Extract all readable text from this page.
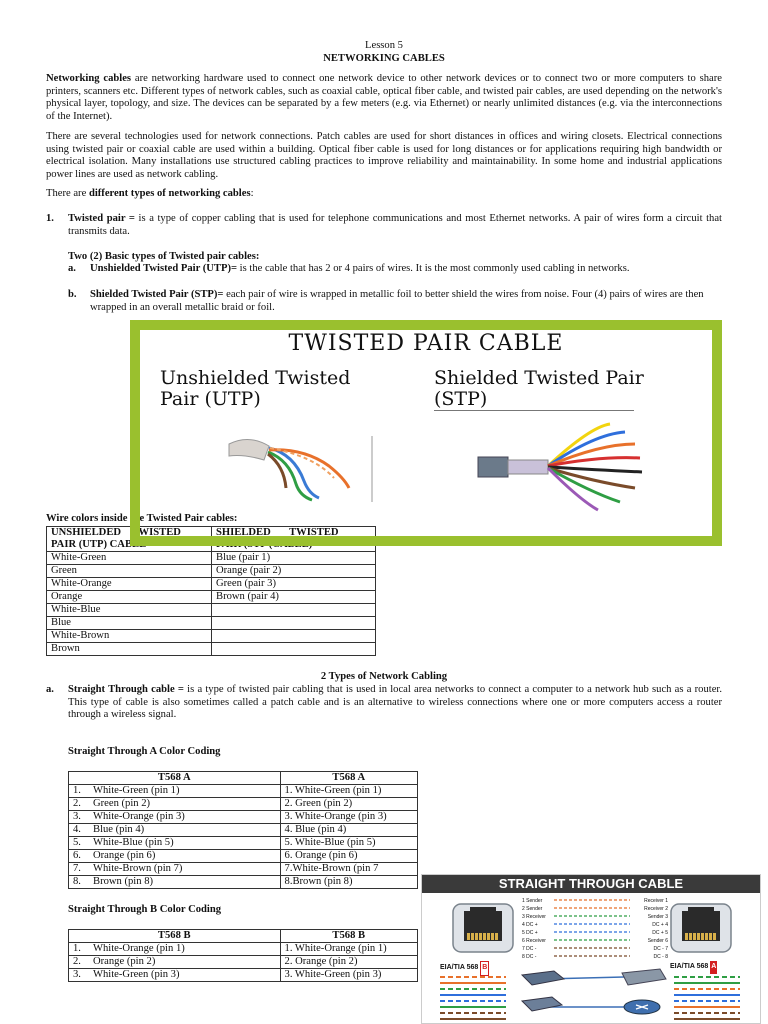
Lesson 5
NETWORKING CABLES
Networking cables are networking hardware used to connect one network device to other network devices or to connect two or more computers to share printers, scanners etc. Different types of network cables, such as coaxial cable, optical fiber cable, and twisted pair cables, are used depending on the network's physical layer, topology, and size. The devices can be separated by a few meters (e.g. via Ethernet) or nearly unlimited distances (e.g. via the interconnections of the Internet).
There are several technologies used for network connections. Patch cables are used for short distances in offices and wiring closets. Electrical connections using twisted pair or coaxial cable are used within a building. Optical fiber cable is used for long distances or for applications requiring high bandwidth or electrical isolation. Many installations use structured cabling practices to improve reliability and maintainability. In some home and industrial applications power lines are used as network cabling.
There are different types of networking cables:
1. Twisted pair = is a type of copper cabling that is used for telephone communications and most Ethernet networks. A pair of wires form a circuit that transmits data.
Two (2) Basic types of Twisted pair cables:
a. Unshielded Twisted Pair (UTP)= is the cable that has 2 or 4 pairs of wires. It is the most commonly used cabling in networks.
b. Shielded Twisted Pair (STP)= each pair of wire is wrapped in metallic foil to better shield the wires from noise. Four (4) pairs of wires are then wrapped in an overall metallic braid or foil.
Wire colors inside the Twisted Pair cables:
UNSHIELDED    TWISTED
PAIR (UTP) CABLE	SHIELDED       TWISTED
PAIR (STP (CABLE)
White-Green	Blue (pair 1)
Green	Orange (pair 2)
White-Orange	Green (pair 3)
Orange	Brown (pair 4)
White-Blue	
Blue	
White-Brown	
Brown	
TWISTED PAIR CABLE
Unshielded Twisted
Pair (UTP)
Shielded Twisted Pair
(STP)
2 Types of Network Cabling
a. Straight Through cable = is a type of twisted pair cabling that is used in local area networks to connect a computer to a network hub such as a router. This type of cable is also sometimes called a patch cable and is an alternative to wireless connections where one or more computers access a router through a wireless signal.
Straight Through A Color Coding
T568 A		T568 A
1.	White-Green (pin 1)	1. White-Green (pin 1)
2.	Green (pin 2)	2. Green (pin 2)
3.	White-Orange (pin 3)	3. White-Orange (pin 3)
4.	Blue (pin 4)	4. Blue (pin 4)
5.	White-Blue (pin 5)	5. White-Blue (pin 5)
6.	Orange (pin 6)	6. Orange (pin 6)
7.	White-Brown (pin 7)	7.White-Brown (pin 7
8.	Brown (pin 8)	8.Brown (pin 8)
Straight Through B Color Coding
T568 B		T568 B
1.	White-Orange (pin 1)	1. White-Orange (pin 1)
2.	Orange (pin 2)	2. Orange (pin 2)
3.	White-Green (pin 3)	3. White-Green (pin 3)
STRAIGHT THROUGH CABLE
1 Sender
2 Sender
3 Receiver
4 DC +
5 DC +
6 Receiver
7 DC -
8 DC -
Receiver 1
Receiver 2
Sender 3
DC + 4
DC + 5
Sender 6
DC - 7
DC - 8
EIA/TIA 568 B	EIA/TIA 568 A
